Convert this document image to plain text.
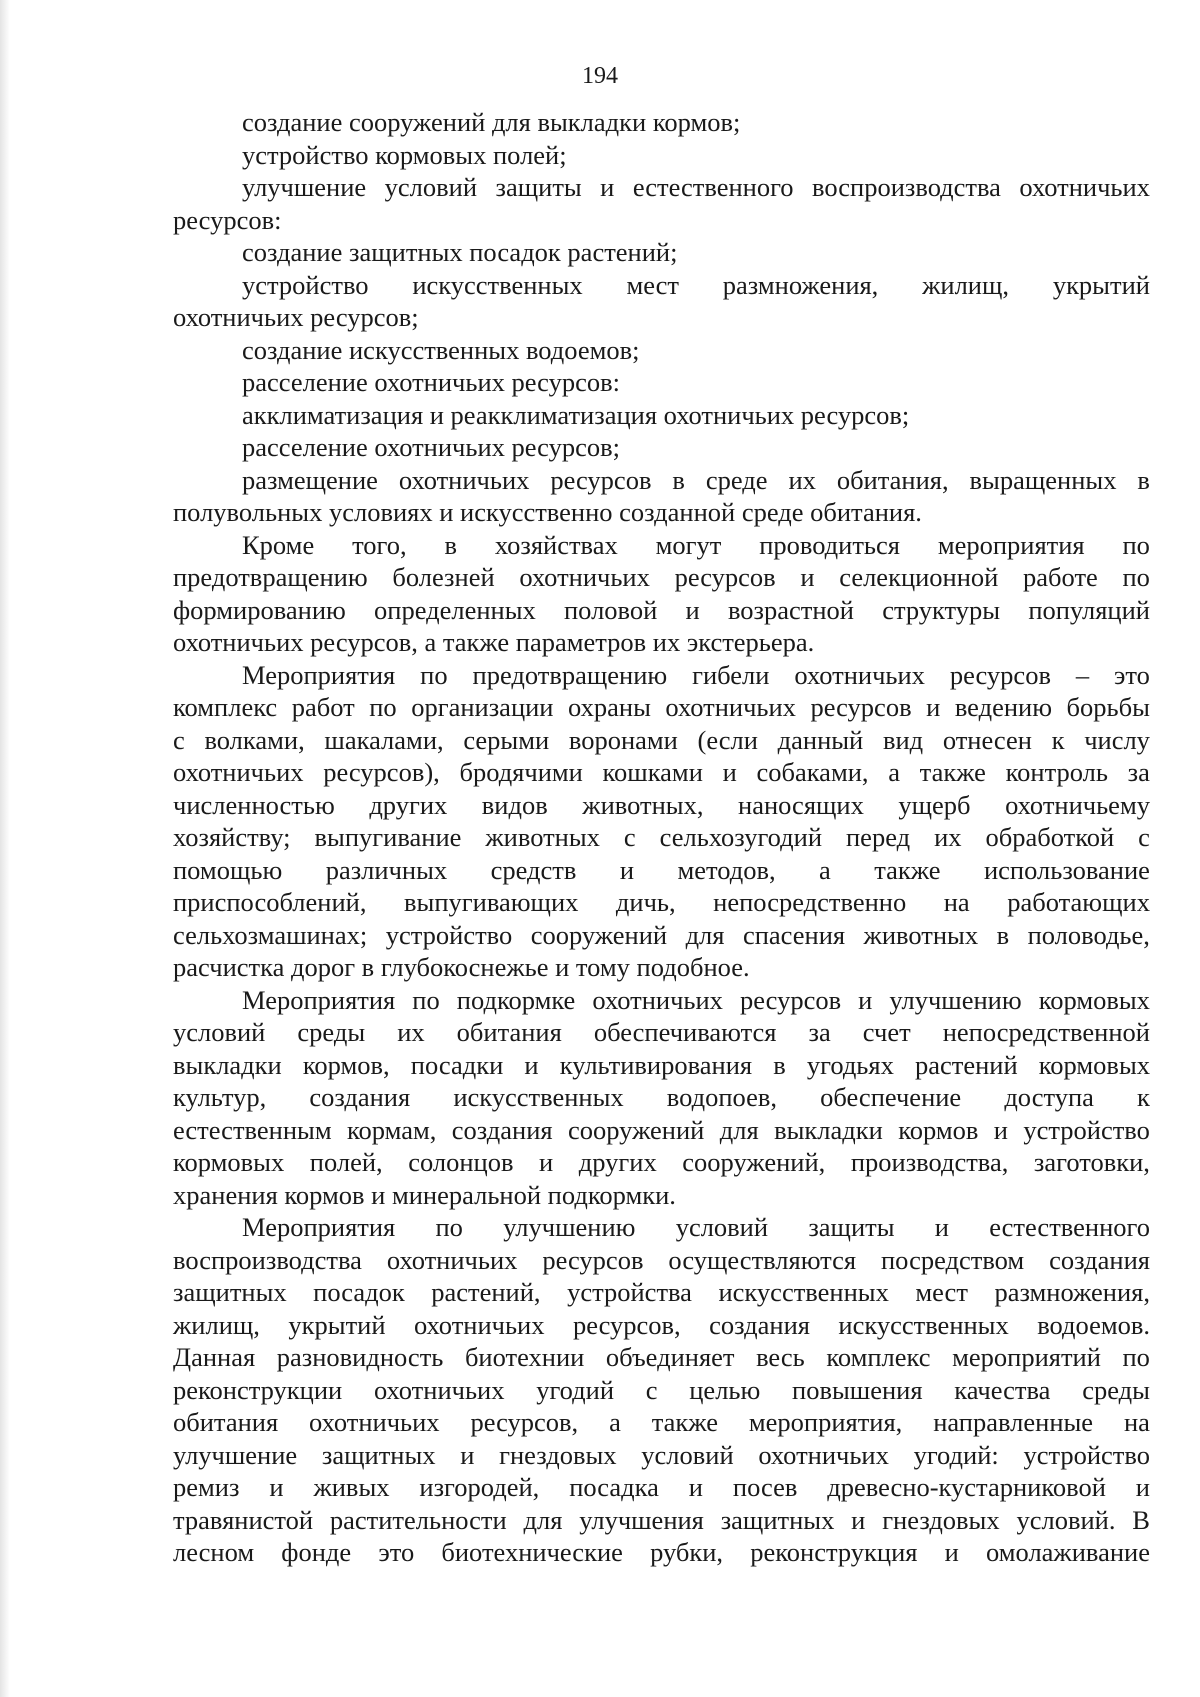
194
создание сооружений для выкладки кормов;
устройство кормовых полей;
улучшение условий защиты и естественного воспроизводства охотничьих
ресурсов:
создание защитных посадок растений;
устройство искусственных мест размножения, жилищ, укрытий
охотничьих ресурсов;
создание искусственных водоемов;
расселение охотничьих ресурсов:
акклиматизация и реакклиматизация охотничьих ресурсов;
расселение охотничьих ресурсов;
размещение охотничьих ресурсов в среде их обитания, выращенных в
полувольных условиях и искусственно созданной среде обитания.
Кроме того, в хозяйствах могут проводиться мероприятия по
предотвращению болезней охотничьих ресурсов и селекционной работе по
формированию определенных половой и возрастной структуры популяций
охотничьих ресурсов, а также параметров их экстерьера.
Мероприятия по предотвращению гибели охотничьих ресурсов – это
комплекс работ по организации охраны охотничьих ресурсов и ведению борьбы
с волками, шакалами, серыми воронами (если данный вид отнесен к числу
охотничьих ресурсов), бродячими кошками и собаками, а также контроль за
численностью других видов животных, наносящих ущерб охотничьему
хозяйству; выпугивание животных с сельхозугодий перед их обработкой с
помощью различных средств и методов, а также использование
приспособлений, выпугивающих дичь, непосредственно на работающих
сельхозмашинах; устройство сооружений для спасения животных в половодье,
расчистка дорог в глубокоснежье и тому подобное.
Мероприятия по подкормке охотничьих ресурсов и улучшению кормовых
условий среды их обитания обеспечиваются за счет непосредственной
выкладки кормов, посадки и культивирования в угодьях растений кормовых
культур, создания искусственных водопоев, обеспечение доступа к
естественным кормам, создания сооружений для выкладки кормов и устройство
кормовых полей, солонцов и других сооружений, производства, заготовки,
хранения кормов и минеральной подкормки.
Мероприятия по улучшению условий защиты и естественного
воспроизводства охотничьих ресурсов осуществляются посредством создания
защитных посадок растений, устройства искусственных мест размножения,
жилищ, укрытий охотничьих ресурсов, создания искусственных водоемов.
Данная разновидность биотехнии объединяет весь комплекс мероприятий по
реконструкции охотничьих угодий с целью повышения качества среды
обитания охотничьих ресурсов, а также мероприятия, направленные на
улучшение защитных и гнездовых условий охотничьих угодий: устройство
ремиз и живых изгородей, посадка и посев древесно-кустарниковой и
травянистой растительности для улучшения защитных и гнездовых условий. В
лесном фонде это биотехнические рубки, реконструкция и омолаживание
